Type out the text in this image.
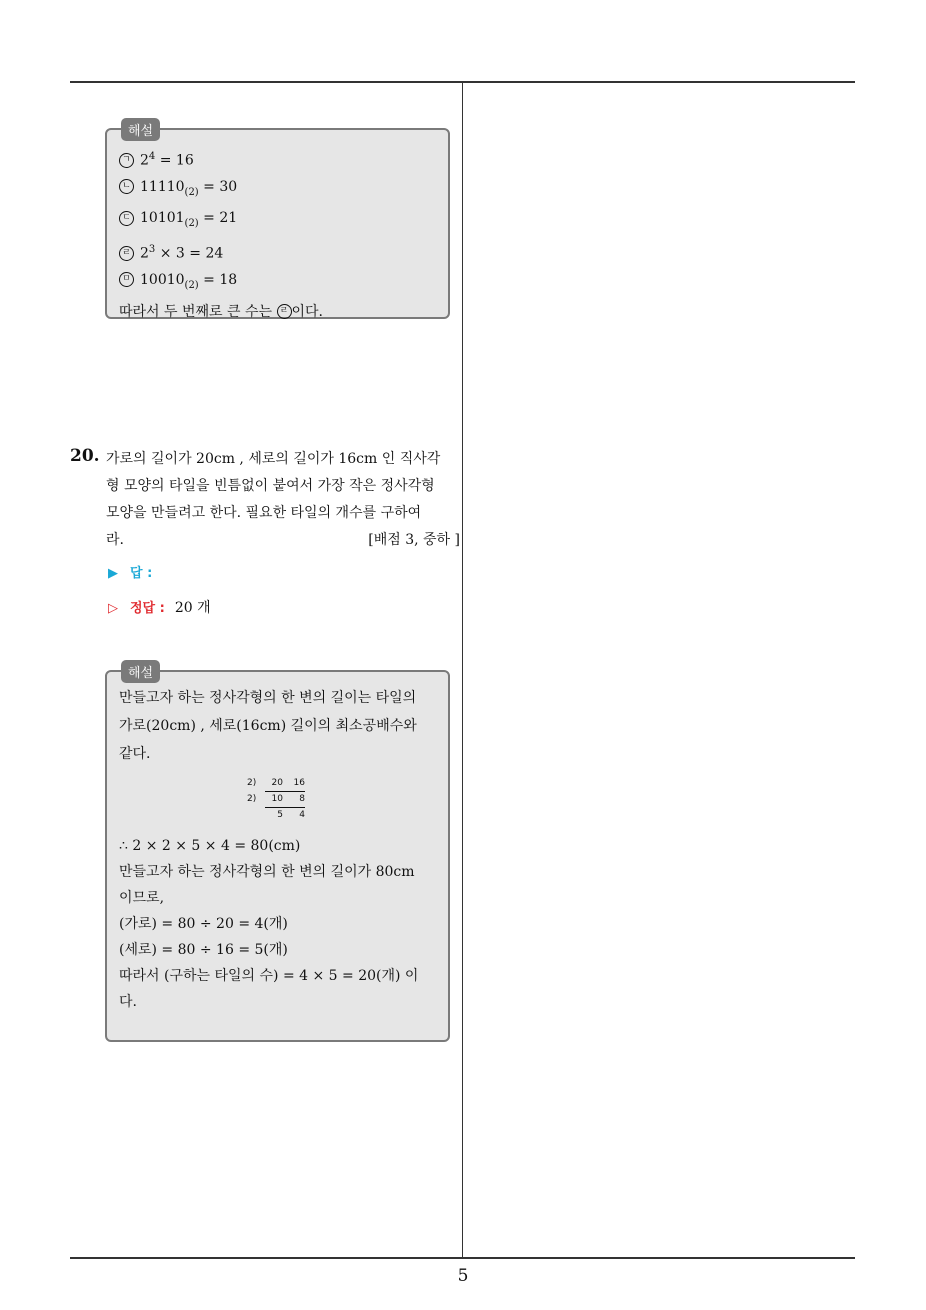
해설
ㄱ $2^4 = 16$
ㄴ $11110_{(2)} = 30$
ㄷ $10101_{(2)} = 21$
ㄹ $2^3 \times 3 = 24$
ㅁ $10010_{(2)} = 18$
따라서 두 번째로 큰 수는 ㄹ 이다.
20. 가로의 길이가 20cm , 세로의 길이가 16cm 인 직사각
형 모양의 타일을 빈틈없이 붙여서 가장 작은 정사각형
모양을 만들려고 한다. 필요한 타일의 개수를 구하여
라.	[배점 3, 중하 ]
▶ 답 :
▷ 정답 : 20 개
해설
만들고자 하는 정사각형의 한 변의 길이는 타일의
가로(20cm) , 세로(16cm) 길이의 최소공배수와
같다.
2) 20 16
2) 10 8
5 4
∴ 2 × 2 × 5 × 4 = 80(cm)
만들고자 하는 정사각형의 한 변의 길이가 80cm
이므로,
(가로) = 80 ÷ 20 = 4(개)
(세로) = 80 ÷ 16 = 5(개)
따라서 (구하는 타일의 수) = 4 × 5 = 20(개) 이
다.
5
